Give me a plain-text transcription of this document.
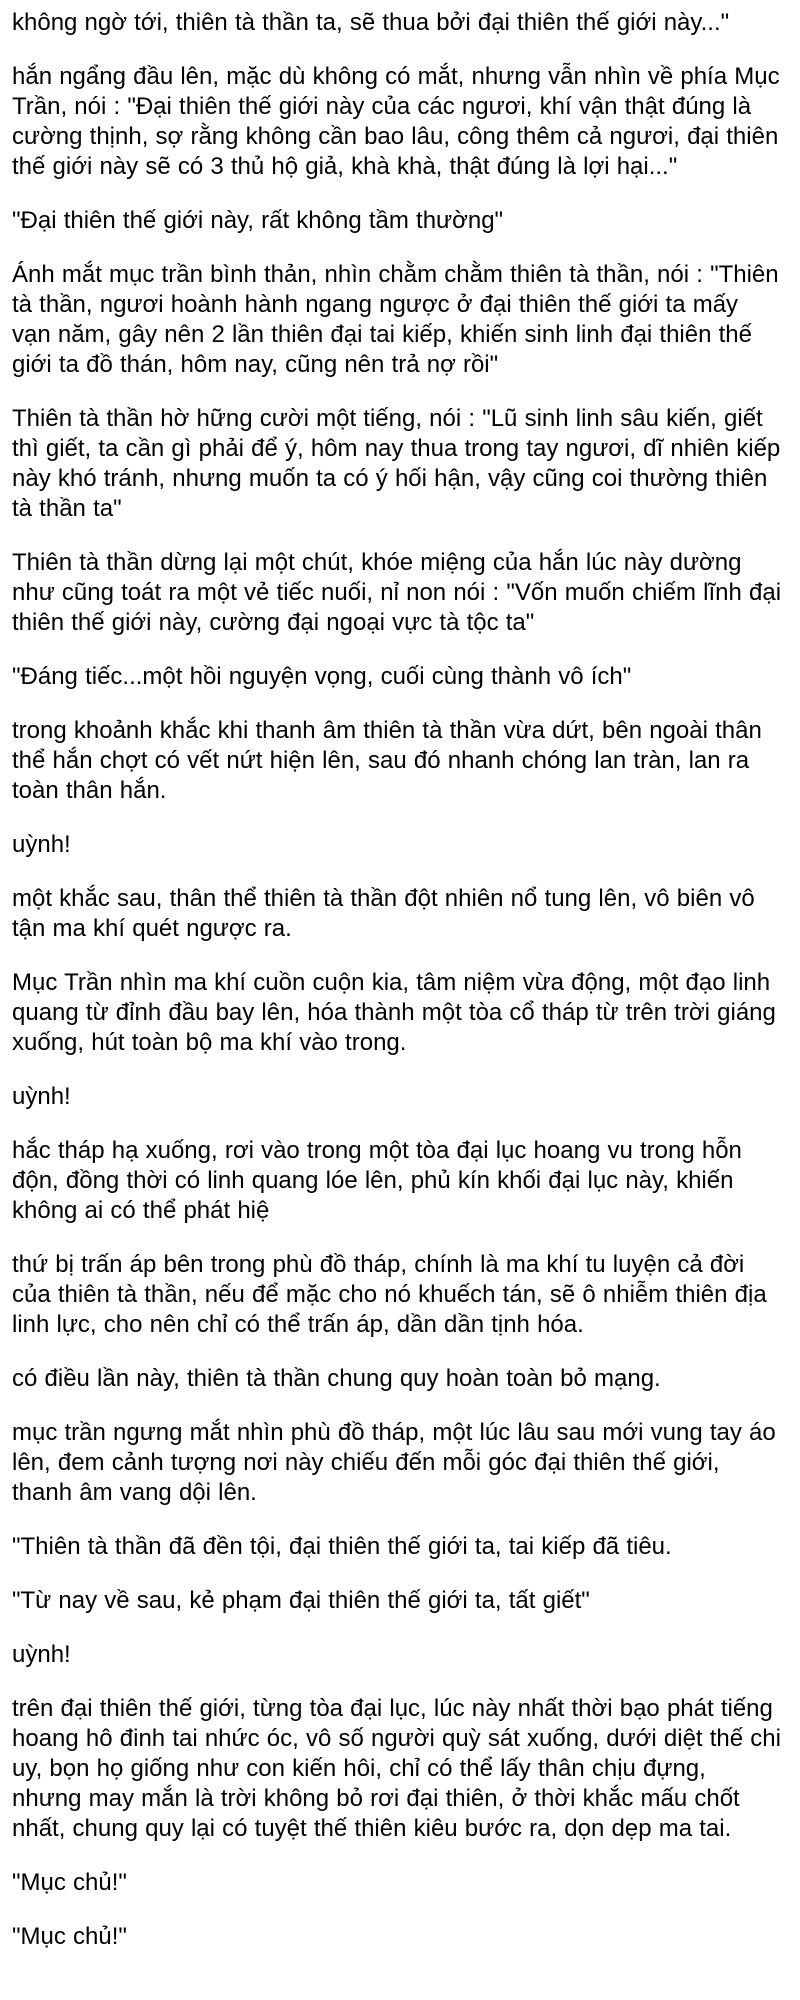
không ngờ tới, thiên tà thần ta, sẽ thua bởi đại thiên thế giới này..."

hắn ngẩng đầu lên, mặc dù không có mắt, nhưng vẫn nhìn về phía Mục Trần, nói : "Đại thiên thế giới này của các ngươi, khí vận thật đúng là cường thịnh, sợ rằng không cần bao lâu, công thêm cả ngươi, đại thiên thế giới này sẽ có 3 thủ hộ giả, khà khà, thật đúng là lợi hại..."

"Đại thiên thế giới này, rất không tầm thường"

Ánh mắt mục trần bình thản, nhìn chằm chằm thiên tà thần, nói : "Thiên tà thần, ngươi hoành hành ngang ngược ở đại thiên thế giới ta mấy vạn năm, gây nên 2 lần thiên đại tai kiếp, khiến sinh linh đại thiên thế giới ta đồ thán, hôm nay, cũng nên trả nợ rồi"

Thiên tà thần hờ hững cười một tiếng, nói : "Lũ sinh linh sâu kiến, giết thì giết, ta cần gì phải để ý, hôm nay thua trong tay ngươi, dĩ nhiên kiếp này khó tránh, nhưng muốn ta có ý hối hận, vậy cũng coi thường thiên tà thần ta"

Thiên tà thần dừng lại một chút, khóe miệng của hắn lúc này dường như cũng toát ra một vẻ tiếc nuối, nỉ non nói : "Vốn muốn chiếm lĩnh đại thiên thế giới này, cường đại ngoại vực tà tộc ta"

"Đáng tiếc...một hồi nguyện vọng, cuối cùng thành vô ích"

trong khoảnh khắc khi thanh âm thiên tà thần vừa dứt, bên ngoài thân thể hắn chợt có vết nứt hiện lên, sau đó nhanh chóng lan tràn, lan ra toàn thân hắn.

uỳnh!

một khắc sau, thân thể thiên tà thần đột nhiên nổ tung lên, vô biên vô tận ma khí quét ngược ra.

Mục Trần nhìn ma khí cuồn cuộn kia, tâm niệm vừa động, một đạo linh quang từ đỉnh đầu bay lên, hóa thành một tòa cổ tháp từ trên trời giáng xuống, hút toàn bộ ma khí vào trong.

uỳnh!

hắc tháp hạ xuống, rơi vào trong một tòa đại lục hoang vu trong hỗn độn, đồng thời có linh quang lóe lên, phủ kín khối đại lục này, khiến không ai có thể phát hiệ

thứ bị trấn áp bên trong phù đồ tháp, chính là ma khí tu luyện cả đời của thiên tà thần, nếu để mặc cho nó khuếch tán, sẽ ô nhiễm thiên địa linh lực, cho nên chỉ có thể trấn áp, dần dần tịnh hóa.

có điều lần này, thiên tà thần chung quy hoàn toàn bỏ mạng.

mục trần ngưng mắt nhìn phù đồ tháp, một lúc lâu sau mới vung tay áo lên, đem cảnh tượng nơi này chiếu đến mỗi góc đại thiên thế giới, thanh âm vang dội lên.

"Thiên tà thần đã đền tội, đại thiên thế giới ta, tai kiếp đã tiêu.

"Từ nay về sau, kẻ phạm đại thiên thế giới ta, tất giết"

uỳnh!

trên đại thiên thế giới, từng tòa đại lục, lúc này nhất thời bạo phát tiếng hoang hô đinh tai nhức óc, vô số người quỳ sát xuống, dưới diệt thế chi uy, bọn họ giống như con kiến hôi, chỉ có thể lấy thân chịu đựng, nhưng may mắn là trời không bỏ rơi đại thiên, ở thời khắc mấu chốt nhất, chung quy lại có tuyệt thế thiên kiêu bước ra, dọn dẹp ma tai.

"Mục chủ!"

"Mục chủ!"
